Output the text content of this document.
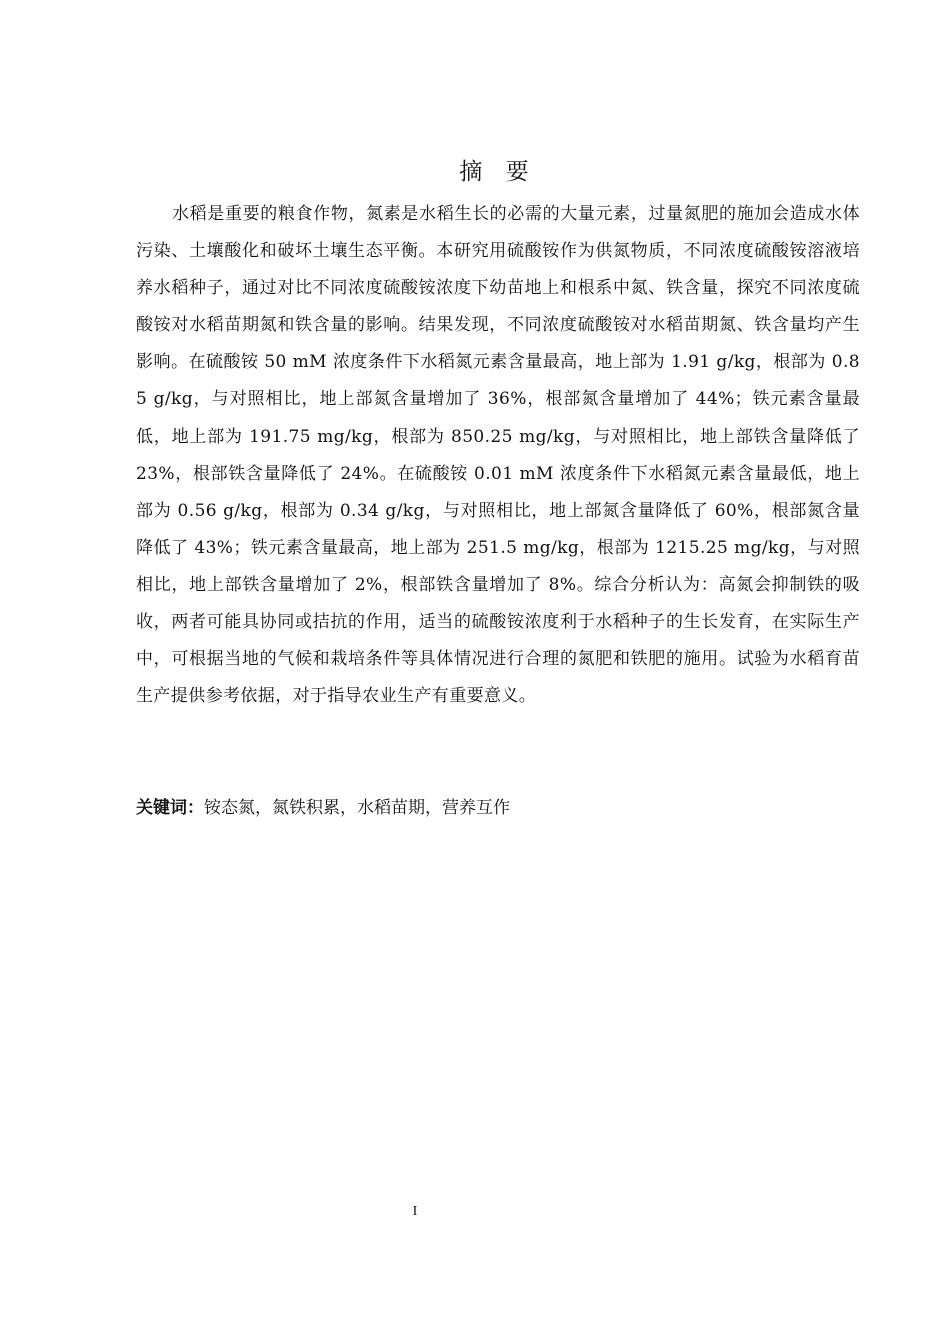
摘 要

水稻是重要的粮食作物，氮素是水稻生长的必需的大量元素，过量氮肥的施加会造成水体污染、土壤酸化和破坏土壤生态平衡。本研究用硫酸铵作为供氮物质，不同浓度硫酸铵溶液培养水稻种子，通过对比不同浓度硫酸铵浓度下幼苗地上和根系中氮、铁含量，探究不同浓度硫酸铵对水稻苗期氮和铁含量的影响。结果发现，不同浓度硫酸铵对水稻苗期氮、铁含量均产生影响。在硫酸铵 50 mM 浓度条件下水稻氮元素含量最高，地上部为 1.91 g/kg，根部为 0.85 g/kg，与对照相比，地上部氮含量增加了 36%，根部氮含量增加了 44%；铁元素含量最低，地上部为 191.75 mg/kg，根部为 850.25 mg/kg，与对照相比，地上部铁含量降低了 23%，根部铁含量降低了 24%。在硫酸铵 0.01 mM 浓度条件下水稻氮元素含量最低，地上部为 0.56 g/kg，根部为 0.34 g/kg，与对照相比，地上部氮含量降低了 60%，根部氮含量降低了 43%；铁元素含量最高，地上部为 251.5 mg/kg，根部为 1215.25 mg/kg，与对照相比，地上部铁含量增加了 2%，根部铁含量增加了 8%。综合分析认为：高氮会抑制铁的吸收，两者可能具协同或拮抗的作用，适当的硫酸铵浓度利于水稻种子的生长发育，在实际生产中，可根据当地的气候和栽培条件等具体情况进行合理的氮肥和铁肥的施用。试验为水稻育苗生产提供参考依据，对于指导农业生产有重要意义。

关键词：铵态氮，氮铁积累，水稻苗期，营养互作
I
